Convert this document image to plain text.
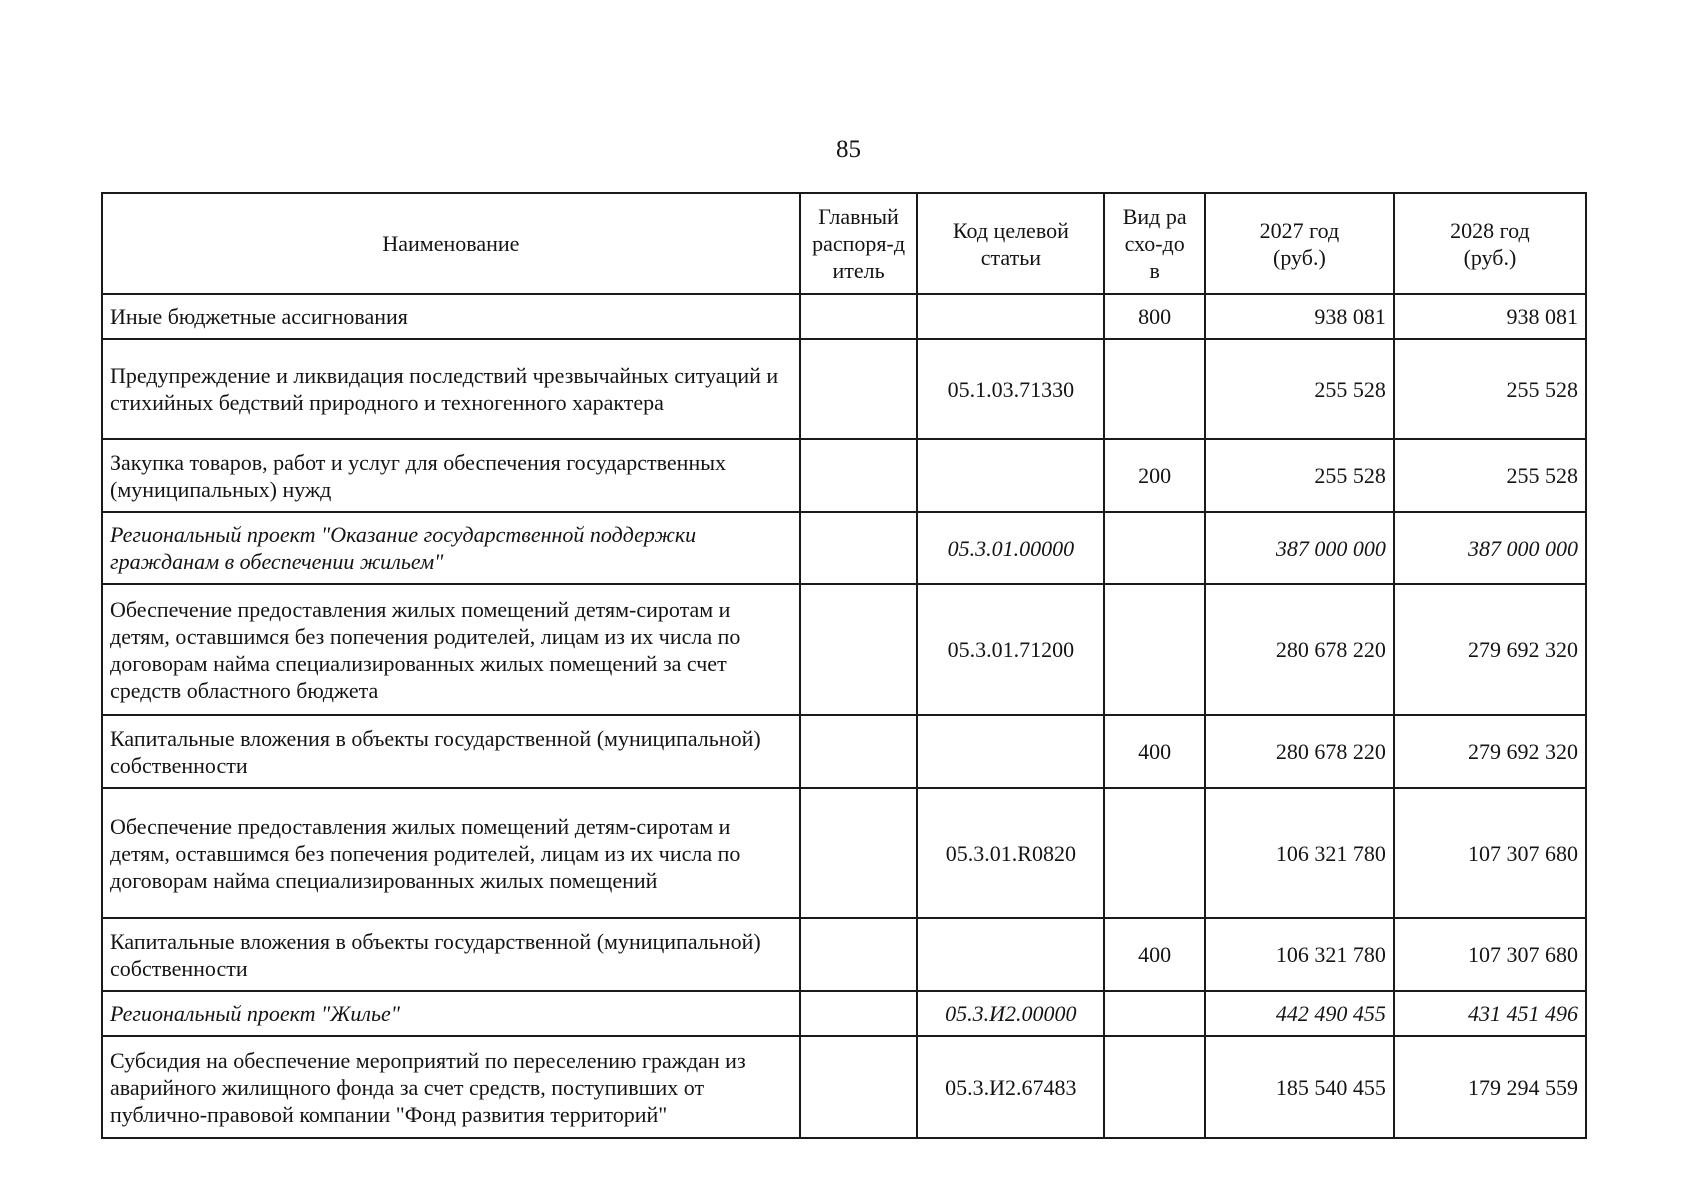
85
Наименование	Главный распоря-дитель	Код целевой статьи	Вид расхо-дов	2027 год (руб.)	2028 год (руб.)

Иные бюджетные ассигнования			800	938 081	938 081
Предупреждение и ликвидация последствий чрезвычайных ситуаций и стихийных бедствий природного и техногенного характера		05.1.03.71330		255 528	255 528
Закупка товаров, работ и услуг для обеспечения государственных (муниципальных) нужд			200	255 528	255 528
Региональный проект "Оказание государственной поддержки гражданам в обеспечении жильем"		05.3.01.00000		387 000 000	387 000 000
Обеспечение предоставления жилых помещений детям-сиротам и детям, оставшимся без попечения родителей, лицам из их числа по договорам найма специализированных жилых помещений за счет средств областного бюджета		05.3.01.71200		280 678 220	279 692 320
Капитальные вложения в объекты государственной (муниципальной) собственности			400	280 678 220	279 692 320
Обеспечение предоставления жилых помещений детям-сиротам и детям, оставшимся без попечения родителей, лицам из их числа по договорам найма специализированных жилых помещений		05.3.01.R0820		106 321 780	107 307 680
Капитальные вложения в объекты государственной (муниципальной) собственности			400	106 321 780	107 307 680
Региональный проект "Жилье"		05.3.И2.00000		442 490 455	431 451 496
Субсидия на обеспечение мероприятий по переселению граждан из аварийного жилищного фонда за счет средств, поступивших от публично-правовой компании "Фонд развития территорий"		05.3.И2.67483		185 540 455	179 294 559
